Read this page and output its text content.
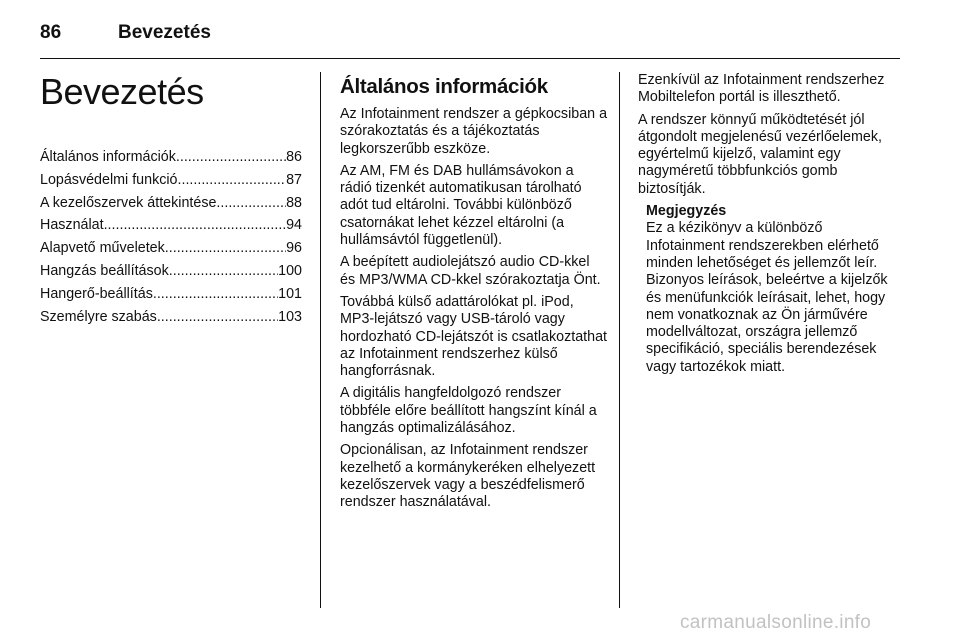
86	Bevezetés
Bevezetés
Általános információk .....	86
Lopásvédelmi funkció .....	87
A kezelőszervek áttekintése .....	88
Használat .....	94
Alapvető műveletek .....	96
Hangzás beállítások .....	100
Hangerő-beállítás .....	101
Személyre szabás .....	103
Általános információk

Az Infotainment rendszer a gépkocsiban a szórakoztatás és a tájékoztatás legkorszerűbb eszköze.

Az AM, FM és DAB hullámsávokon a rádió tizenkét automatikusan tárolható adót tud eltárolni. További különböző csatornákat lehet kézzel eltárolni (a hullámsávtól függetlenül).

A beépített audiolejátszó audio CD-kkel és MP3/WMA CD-kkel szórakoztatja Önt.

Továbbá külső adattárolókat pl. iPod, MP3-lejátszó vagy USB-tároló vagy hordozható CD-lejátszót is csatlakoztathat az Infotainment rendszerhez külső hangforrásnak.

A digitális hangfeldolgozó rendszer többféle előre beállított hangszínt kínál a hangzás optimalizálásához.

Opcionálisan, az Infotainment rendszer kezelhető a kormánykeréken elhelyezett kezelőszervek vagy a beszédfelismerő rendszer használatával.

Ezenkívül az Infotainment rendszerhez Mobiltelefon portál is illeszthető.

A rendszer könnyű működtetését jól átgondolt megjelenésű vezérlőelemek, egyértelmű kijelző, valamint egy nagyméretű többfunkciós gomb biztosítják.

Megjegyzés

Ez a kézikönyv a különböző Infotainment rendszerekben elérhető minden lehetőséget és jellemzőt leír. Bizonyos leírások, beleértve a kijelzők és menüfunkciók leírásait, lehet, hogy nem vonatkoznak az Ön járművére modellváltozat, országra jellemző specifikáció, speciális berendezések vagy tartozékok miatt.

carmanualsonline.info
